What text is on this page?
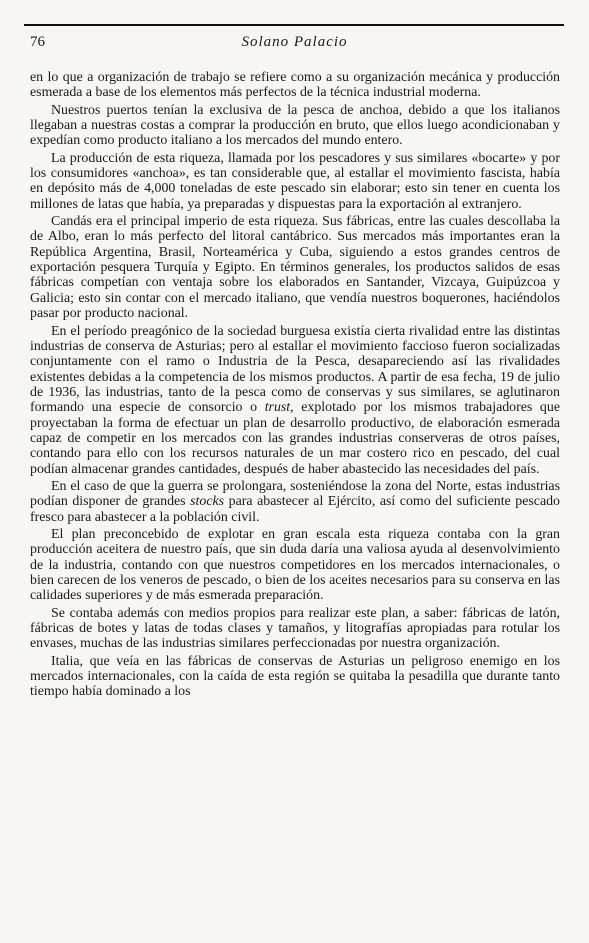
76	Solano Palacio

en lo que a organización de trabajo se refiere como a su organización mecánica y producción esmerada a base de los elementos más perfectos de la técnica industrial moderna.

Nuestros puertos tenían la exclusiva de la pesca de anchoa, debido a que los italianos llegaban a nuestras costas a comprar la producción en bruto, que ellos luego acondicionaban y expedían como producto italiano a los mercados del mundo entero.

La producción de esta riqueza, llamada por los pescadores y sus similares «bocarte» y por los consumidores «anchoa», es tan considerable que, al estallar el movimiento fascista, había en depósito más de 4,000 toneladas de este pescado sin elaborar; esto sin tener en cuenta los millones de latas que había, ya preparadas y dispuestas para la exportación al extranjero.

Candás era el principal imperio de esta riqueza. Sus fábricas, entre las cuales descollaba la de Albo, eran lo más perfecto del litoral cantábrico. Sus mercados más importantes eran la República Argentina, Brasil, Norteamérica y Cuba, siguiendo a estos grandes centros de exportación pesquera Turquía y Egipto. En términos generales, los productos salidos de esas fábricas competían con ventaja sobre los elaborados en Santander, Vizcaya, Guipúzcoa y Galicia; esto sin contar con el mercado italiano, que vendía nuestros boquerones, haciéndolos pasar por producto nacional.

En el período preagónico de la sociedad burguesa existía cierta rivalidad entre las distintas industrias de conserva de Asturias; pero al estallar el movimiento faccioso fueron socializadas conjuntamente con el ramo o Industria de la Pesca, desapareciendo así las rivalidades existentes debidas a la competencia de los mismos productos. A partir de esa fecha, 19 de julio de 1936, las industrias, tanto de la pesca como de conservas y sus similares, se aglutinaron formando una especie de consorcio o trust, explotado por los mismos trabajadores que proyectaban la forma de efectuar un plan de desarrollo productivo, de elaboración esmerada capaz de competir en los mercados con las grandes industrias conserveras de otros países, contando para ello con los recursos naturales de un mar costero rico en pescado, del cual podían almacenar grandes cantidades, después de haber abastecido las necesidades del país.

En el caso de que la guerra se prolongara, sosteniéndose la zona del Norte, estas industrias podían disponer de grandes stocks para abastecer al Ejército, así como del suficiente pescado fresco para abastecer a la población civil.

El plan preconcebido de explotar en gran escala esta riqueza contaba con la gran producción aceitera de nuestro país, que sin duda daría una valiosa ayuda al desenvolvimiento de la industria, contando con que nuestros competidores en los mercados internacionales, o bien carecen de los veneros de pescado, o bien de los aceites necesarios para su conserva en las calidades superiores y de más esmerada preparación.

Se contaba además con medios propios para realizar este plan, a saber: fábricas de latón, fábricas de botes y latas de todas clases y tamaños, y litografías apropiadas para rotular los envases, muchas de las industrias similares perfeccionadas por nuestra organización.

Italia, que veía en las fábricas de conservas de Asturias un peligroso enemigo en los mercados internacionales, con la caída de esta región se quitaba la pesadilla que durante tanto tiempo había dominado a los
